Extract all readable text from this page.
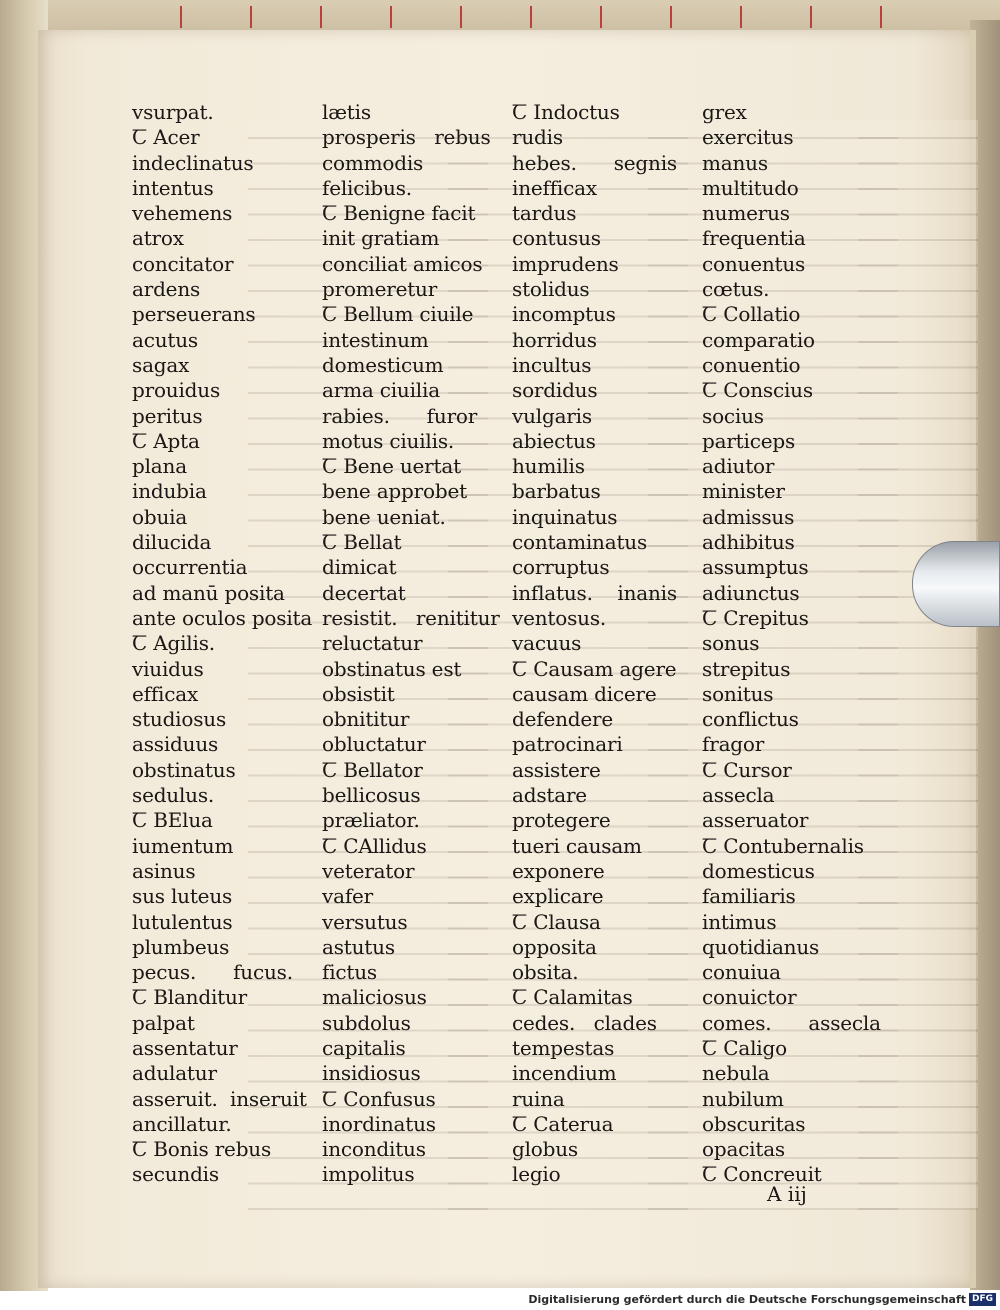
vsurpat.
Ꞇ Acer
indeclinatus
intentus
vehemens
atrox
concitator
ardens
perseuerans
acutus
sagax
prouidus
peritus
Ꞇ Apta
plana
indubia
obuia
dilucida
occurrentia
ad manū posita
ante oculos posita
Ꞇ Agilis.
viuidus
efficax
studiosus
assiduus
obstinatus
sedulus.
Ꞇ BElua
iumentum
asinus
sus luteus
lutulentus
plumbeus
pecus.      fucus.
Ꞇ Blanditur
palpat
assentatur
adulatur
asseruit.  inseruit
ancillatur.
Ꞇ Bonis rebus
secundis
lætis
prosperis   rebus
commodis
felicibus.
Ꞇ Benigne facit
init gratiam
conciliat amicos
promeretur
Ꞇ Bellum ciuile
intestinum
domesticum
arma ciuilia
rabies.      furor
motus ciuilis.
Ꞇ Bene uertat
bene approbet
bene ueniat.
Ꞇ Bellat
dimicat
decertat
resistit.   renititur
reluctatur
obstinatus est
obsistit
obnititur
obluctatur
Ꞇ Bellator
bellicosus
præliator.
Ꞇ CAllidus
veterator
vafer
versutus
astutus
fictus
maliciosus
subdolus
capitalis
insidiosus
Ꞇ Confusus
inordinatus
inconditus
impolitus
Ꞇ Indoctus
rudis
hebes.      segnis
inefficax
tardus
contusus
imprudens
stolidus
incomptus
horridus
incultus
sordidus
vulgaris
abiectus
humilis
barbatus
inquinatus
contaminatus
corruptus
inflatus.    inanis
ventosus.
vacuus
Ꞇ Causam agere
causam dicere
defendere
patrocinari
assistere
adstare
protegere
tueri causam
exponere
explicare
Ꞇ Clausa
opposita
obsita.
Ꞇ Calamitas
cedes.   clades
tempestas
incendium
ruina
Ꞇ Caterua
globus
legio
grex
exercitus
manus
multitudo
numerus
frequentia
conuentus
cœtus.
Ꞇ Collatio
comparatio
conuentio
Ꞇ Conscius
socius
particeps
adiutor
minister
admissus
adhibitus
assumptus
adiunctus
Ꞇ Crepitus
sonus
strepitus
sonitus
conflictus
fragor
Ꞇ Cursor
assecla
asseruator
Ꞇ Contubernalis
domesticus
familiaris
intimus
quotidianus
conuiua
conuictor
comes.      assecla
Ꞇ Caligo
nebula
nubilum
obscuritas
opacitas
Ꞇ Concreuit
A iij
Digitalisierung gefördert durch die Deutsche Forschungsgemeinschaft DFG
